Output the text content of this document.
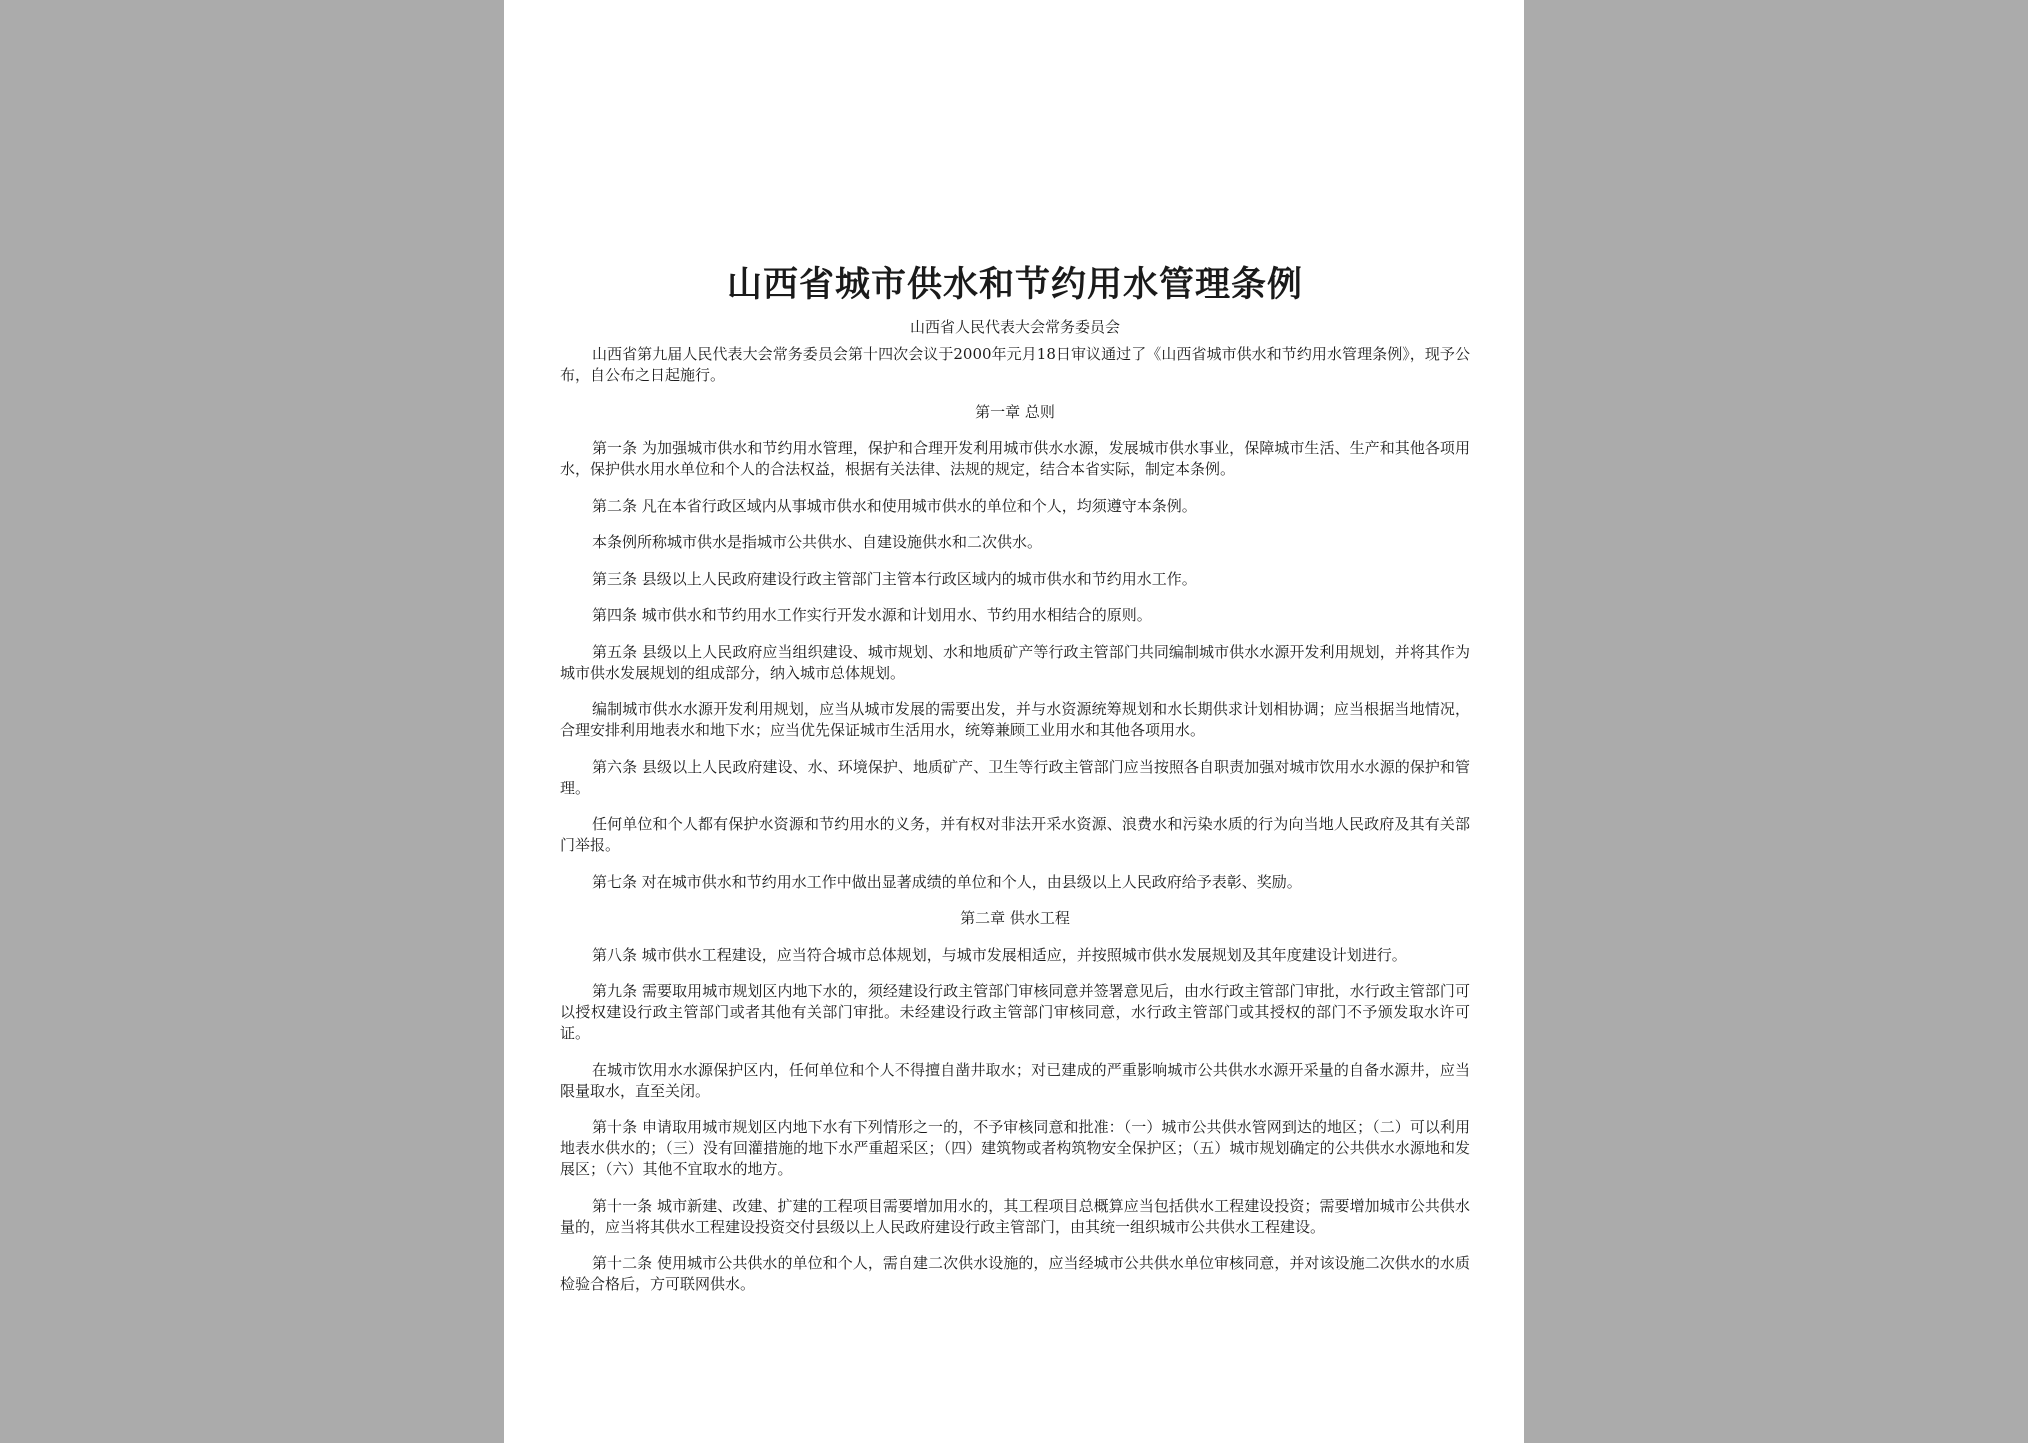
山西省城市供水和节约用水管理条例
山西省人民代表大会常务委员会
山西省第九届人民代表大会常务委员会第十四次会议于2000年元月18日审议通过了《山西省城市供水和节约用水管理条例》，现予公布，自公布之日起施行。
第一章 总则
第一条 为加强城市供水和节约用水管理，保护和合理开发利用城市供水水源，发展城市供水事业，保障城市生活、生产和其他各项用水，保护供水用水单位和个人的合法权益，根据有关法律、法规的规定，结合本省实际，制定本条例。
第二条 凡在本省行政区域内从事城市供水和使用城市供水的单位和个人，均须遵守本条例。
本条例所称城市供水是指城市公共供水、自建设施供水和二次供水。
第三条 县级以上人民政府建设行政主管部门主管本行政区域内的城市供水和节约用水工作。
第四条 城市供水和节约用水工作实行开发水源和计划用水、节约用水相结合的原则。
第五条 县级以上人民政府应当组织建设、城市规划、水和地质矿产等行政主管部门共同编制城市供水水源开发利用规划，并将其作为城市供水发展规划的组成部分，纳入城市总体规划。
编制城市供水水源开发利用规划，应当从城市发展的需要出发，并与水资源统筹规划和水长期供求计划相协调；应当根据当地情况，合理安排利用地表水和地下水；应当优先保证城市生活用水，统筹兼顾工业用水和其他各项用水。
第六条 县级以上人民政府建设、水、环境保护、地质矿产、卫生等行政主管部门应当按照各自职责加强对城市饮用水水源的保护和管理。
任何单位和个人都有保护水资源和节约用水的义务，并有权对非法开采水资源、浪费水和污染水质的行为向当地人民政府及其有关部门举报。
第七条 对在城市供水和节约用水工作中做出显著成绩的单位和个人，由县级以上人民政府给予表彰、奖励。
第二章 供水工程
第八条 城市供水工程建设，应当符合城市总体规划，与城市发展相适应，并按照城市供水发展规划及其年度建设计划进行。
第九条 需要取用城市规划区内地下水的，须经建设行政主管部门审核同意并签署意见后，由水行政主管部门审批，水行政主管部门可以授权建设行政主管部门或者其他有关部门审批。未经建设行政主管部门审核同意，水行政主管部门或其授权的部门不予颁发取水许可证。
在城市饮用水水源保护区内，任何单位和个人不得擅自凿井取水；对已建成的严重影响城市公共供水水源开采量的自备水源井，应当限量取水，直至关闭。
第十条 申请取用城市规划区内地下水有下列情形之一的，不予审核同意和批准：（一）城市公共供水管网到达的地区；（二）可以利用地表水供水的；（三）没有回灌措施的地下水严重超采区；（四）建筑物或者构筑物安全保护区；（五）城市规划确定的公共供水水源地和发展区；（六）其他不宜取水的地方。
第十一条 城市新建、改建、扩建的工程项目需要增加用水的，其工程项目总概算应当包括供水工程建设投资；需要增加城市公共供水量的，应当将其供水工程建设投资交付县级以上人民政府建设行政主管部门，由其统一组织城市公共供水工程建设。
第十二条 使用城市公共供水的单位和个人，需自建二次供水设施的，应当经城市公共供水单位审核同意，并对该设施二次供水的水质检验合格后，方可联网供水。
